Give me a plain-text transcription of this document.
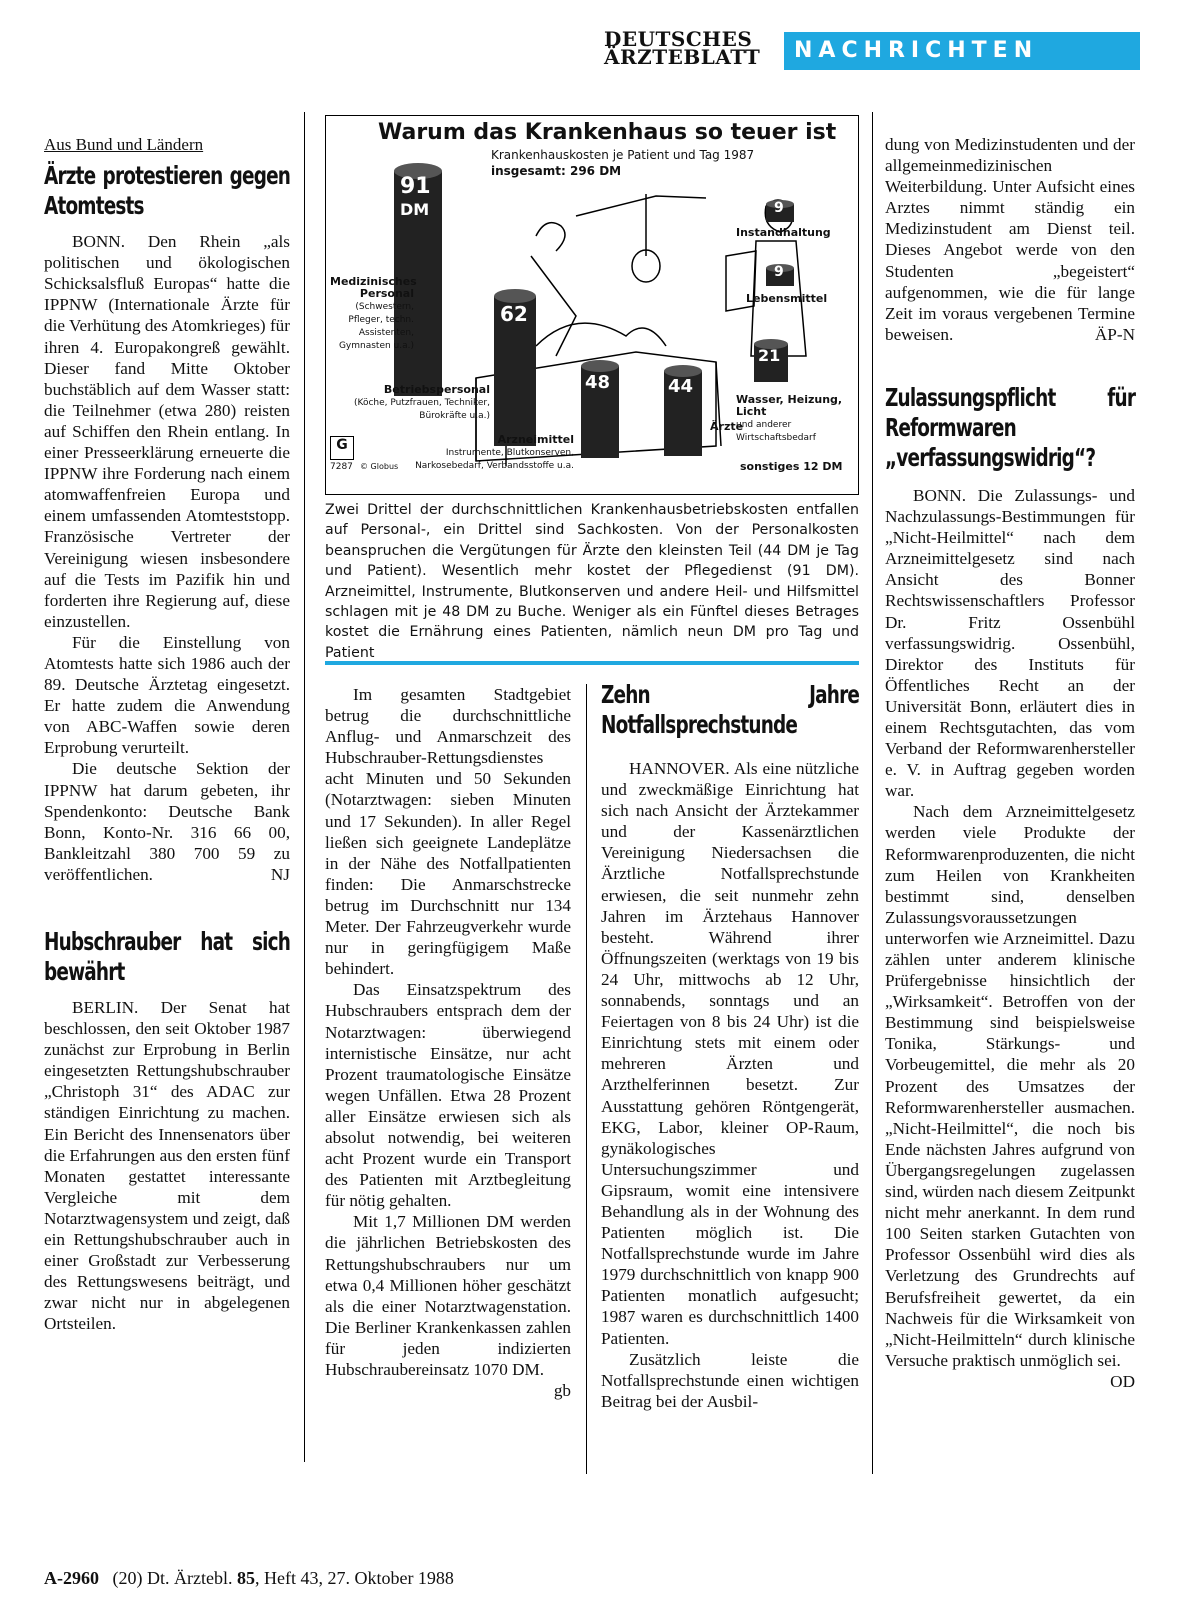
DEUTSCHES
ÄRZTEBLATT	NACHRICHTEN
Aus Bund und Ländern
Ärzte protestieren gegen Atomtests

BONN. Den Rhein „als politischen und ökologischen Schicksalsfluß Europas“ hatte die IPPNW (Internationale Ärzte für die Verhütung des Atomkrieges) für ihren 4. Europakongreß gewählt. Dieser fand Mitte Oktober buchstäblich auf dem Wasser statt: die Teilnehmer (etwa 280) reisten auf Schiffen den Rhein entlang. In einer Presseerklärung erneuerte die IPPNW ihre Forderung nach einem atomwaffenfreien Europa und einem umfassenden Atomteststopp. Französische Vertreter der Vereinigung wiesen insbesondere auf die Tests im Pazifik hin und forderten ihre Regierung auf, diese einzustellen.

Für die Einstellung von Atomtests hatte sich 1986 auch der 89. Deutsche Ärztetag eingesetzt. Er hatte zudem die Anwendung von ABC-Waffen sowie deren Erprobung verurteilt.

Die deutsche Sektion der IPPNW hat darum gebeten, ihr Spendenkonto: Deutsche Bank Bonn, Konto-Nr. 316 66 00, Bankleitzahl 380 700 59 zu veröffentlichen.	NJ

Hubschrauber hat sich bewährt

BERLIN. Der Senat hat beschlossen, den seit Oktober 1987 zunächst zur Erprobung in Berlin eingesetzten Rettungshubschrauber „Christoph 31“ des ADAC zur ständigen Einrichtung zu machen. Ein Bericht des Innensenators über die Erfahrungen aus den ersten fünf Monaten gestattet interessante Vergleiche mit dem Notarztwagensystem und zeigt, daß ein Rettungshubschrauber auch in einer Großstadt zur Verbesserung des Rettungswesens beiträgt, und zwar nicht nur in abgelegenen Ortsteilen.

Warum das Krankenhaus so teuer ist
Krankenhauskosten je Patient und Tag 1987
insgesamt: 296 DM
91
DM
Medizinisches Personal
(Schwestern, Pfleger, techn. Assistenten, Gymnasten u.a.)
62
Betriebspersonal
(Köche, Putzfrauen, Techniker, Bürokräfte u.a.)
48
Arzneimittel
Instrumente, Blutkonserven, Narkosebedarf, Verbandsstoffe u.a.
44
Ärzte
9
Instandhaltung
9
Lebensmittel
21
Wasser, Heizung, Licht
und anderer Wirtschaftsbedarf
sonstiges 12 DM
G
7287 © Globus
Zwei Drittel der durchschnittlichen Krankenhausbetriebskosten entfallen auf Personal-, ein Drittel sind Sachkosten. Von der Personalkosten beanspruchen die Vergütungen für Ärzte den kleinsten Teil (44 DM je Tag und Patient). Wesentlich mehr kostet der Pflegedienst (91 DM). Arzneimittel, Instrumente, Blutkonserven und andere Heil- und Hilfsmittel schlagen mit je 48 DM zu Buche. Weniger als ein Fünftel dieses Betrages kostet die Ernährung eines Patienten, nämlich neun DM pro Tag und Patient

Im gesamten Stadtgebiet betrug die durchschnittliche Anflug- und Anmarschzeit des Hubschrauber-Rettungsdienstes acht Minuten und 50 Sekunden (Notarztwagen: sieben Minuten und 17 Sekunden). In aller Regel ließen sich geeignete Landeplätze in der Nähe des Notfallpatienten finden: Die Anmarschstrecke betrug im Durchschnitt nur 134 Meter. Der Fahrzeugverkehr wurde nur in geringfügigem Maße behindert.

Das Einsatzspektrum des Hubschraubers entsprach dem der Notarztwagen: überwiegend internistische Einsätze, nur acht Prozent traumatologische Einsätze wegen Unfällen. Etwa 28 Prozent aller Einsätze erwiesen sich als absolut notwendig, bei weiteren acht Prozent wurde ein Transport des Patienten mit Arztbegleitung für nötig gehalten.

Mit 1,7 Millionen DM werden die jährlichen Betriebskosten des Rettungshubschraubers nur um etwa 0,4 Millionen höher geschätzt als die einer Notarztwagenstation. Die Berliner Krankenkassen zahlen für jeden indizierten Hubschraubereinsatz 1070 DM.
gb

Zehn Jahre Notfallsprechstunde

HANNOVER. Als eine nützliche und zweckmäßige Einrichtung hat sich nach Ansicht der Ärztekammer und der Kassenärztlichen Vereinigung Niedersachsen die Ärztliche Notfallsprechstunde erwiesen, die seit nunmehr zehn Jahren im Ärztehaus Hannover besteht. Während ihrer Öffnungszeiten (werktags von 19 bis 24 Uhr, mittwochs ab 12 Uhr, sonnabends, sonntags und an Feiertagen von 8 bis 24 Uhr) ist die Einrichtung stets mit einem oder mehreren Ärzten und Arzthelferinnen besetzt. Zur Ausstattung gehören Röntgengerät, EKG, Labor, kleiner OP-Raum, gynäkologisches Untersuchungszimmer und Gipsraum, womit eine intensivere Behandlung als in der Wohnung des Patienten möglich ist. Die Notfallsprechstunde wurde im Jahre 1979 durchschnittlich von knapp 900 Patienten monatlich aufgesucht; 1987 waren es durchschnittlich 1400 Patienten.

Zusätzlich leiste die Notfallsprechstunde einen wichtigen Beitrag bei der Ausbil-

dung von Medizinstudenten und der allgemeinmedizinischen Weiterbildung. Unter Aufsicht eines Arztes nimmt ständig ein Medizinstudent am Dienst teil. Dieses Angebot werde von den Studenten „begeistert“ aufgenommen, wie die für lange Zeit im voraus vergebenen Termine beweisen.	ÄP-N

Zulassungspflicht für Reformwaren „verfassungswidrig“?

BONN. Die Zulassungs- und Nachzulassungs-Bestimmungen für „Nicht-Heilmittel“ nach dem Arzneimittelgesetz sind nach Ansicht des Bonner Rechtswissenschaftlers Professor Dr. Fritz Ossenbühl verfassungswidrig. Ossenbühl, Direktor des Instituts für Öffentliches Recht an der Universität Bonn, erläutert dies in einem Rechtsgutachten, das vom Verband der Reformwarenhersteller e. V. in Auftrag gegeben worden war.

Nach dem Arzneimittelgesetz werden viele Produkte der Reformwarenproduzenten, die nicht zum Heilen von Krankheiten bestimmt sind, denselben Zulassungsvoraussetzungen unterworfen wie Arzneimittel. Dazu zählen unter anderem klinische Prüfergebnisse hinsichtlich der „Wirksamkeit“. Betroffen von der Bestimmung sind beispielsweise Tonika, Stärkungs- und Vorbeugemittel, die mehr als 20 Prozent des Umsatzes der Reformwarenhersteller ausmachen. „Nicht-Heilmittel“, die noch bis Ende nächsten Jahres aufgrund von Übergangsregelungen zugelassen sind, würden nach diesem Zeitpunkt nicht mehr anerkannt. In dem rund 100 Seiten starken Gutachten von Professor Ossenbühl wird dies als Verletzung des Grundrechts auf Berufsfreiheit gewertet, da ein Nachweis für die Wirksamkeit von „Nicht-Heilmitteln“ durch klinische Versuche praktisch unmöglich sei.
OD

A-2960 (20) Dt. Ärztebl. 85, Heft 43, 27. Oktober 1988
